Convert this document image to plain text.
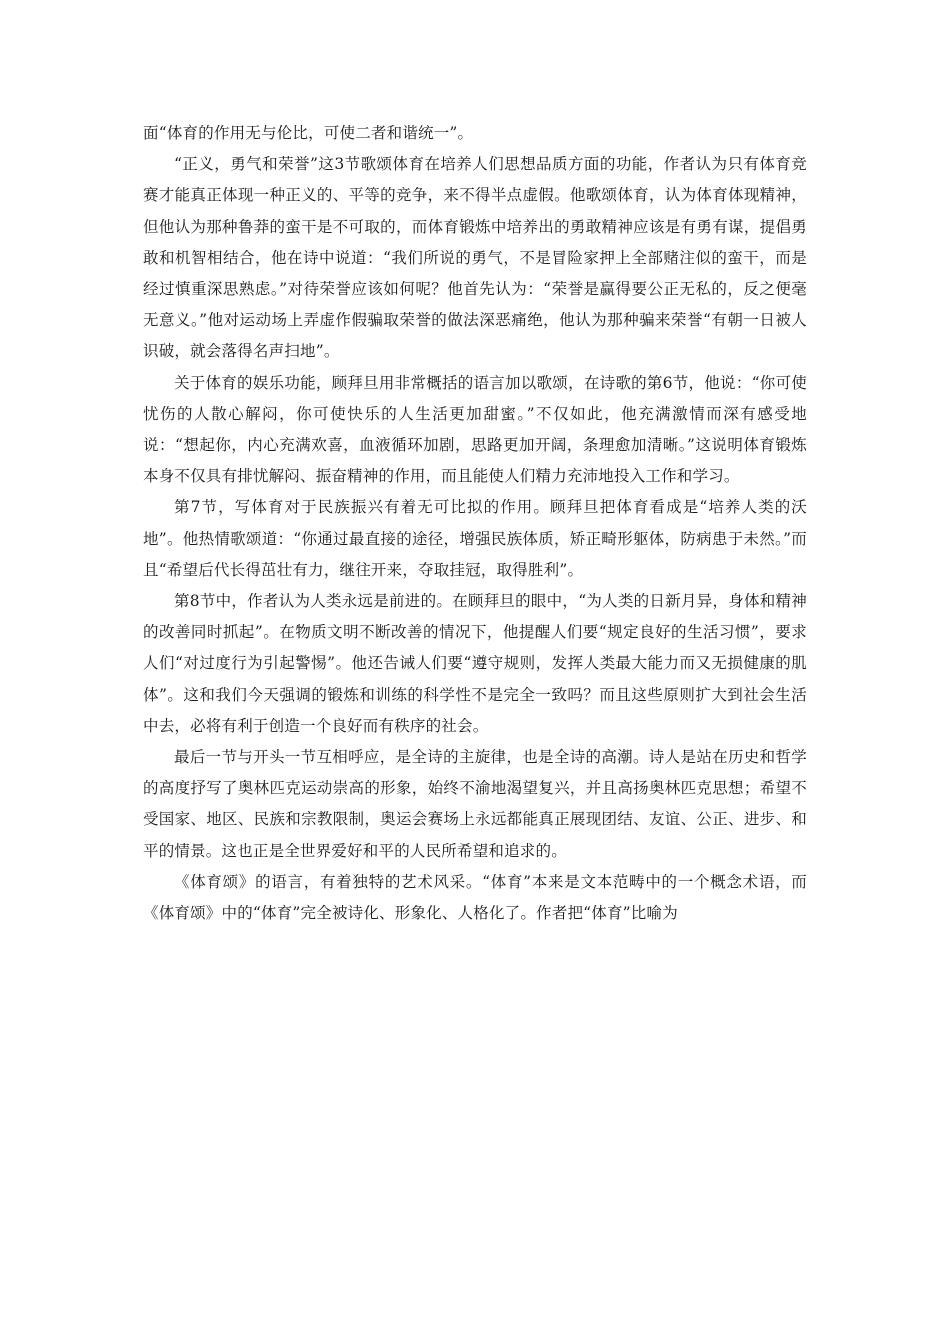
面“体育的作用无与伦比，可使二者和谐统一”。

“正义，勇气和荣誉”这3节歌颂体育在培养人们思想品质方面的功能，作者认为只有体育竞赛才能真正体现一种正义的、平等的竞争，来不得半点虚假。他歌颂体育，认为体育体现精神，但他认为那种鲁莽的蛮干是不可取的，而体育锻炼中培养出的勇敢精神应该是有勇有谋，提倡勇敢和机智相结合，他在诗中说道：“我们所说的勇气，不是冒险家押上全部赌注似的蛮干，而是经过慎重深思熟虑。”对待荣誉应该如何呢？他首先认为：“荣誉是赢得要公正无私的，反之便毫无意义。”他对运动场上弄虚作假骗取荣誉的做法深恶痛绝，他认为那种骗来荣誉“有朝一日被人识破，就会落得名声扫地”。

关于体育的娱乐功能，顾拜旦用非常概括的语言加以歌颂，在诗歌的第6节，他说：“你可使忧伤的人散心解闷，你可使快乐的人生活更加甜蜜。”不仅如此，他充满激情而深有感受地说：“想起你，内心充满欢喜，血液循环加剧，思路更加开阔，条理愈加清晰。”这说明体育锻炼本身不仅具有排忧解闷、振奋精神的作用，而且能使人们精力充沛地投入工作和学习。

第7节，写体育对于民族振兴有着无可比拟的作用。顾拜旦把体育看成是“培养人类的沃地”。他热情歌颂道：“你通过最直接的途径，增强民族体质，矫正畸形躯体，防病患于未然。”而且“希望后代长得茁壮有力，继往开来，夺取挂冠，取得胜利”。

第8节中，作者认为人类永远是前进的。在顾拜旦的眼中，“为人类的日新月异，身体和精神的改善同时抓起”。在物质文明不断改善的情况下，他提醒人们要“规定良好的生活习惯”，要求人们“对过度行为引起警惕”。他还告诫人们要“遵守规则，发挥人类最大能力而又无损健康的肌体”。这和我们今天强调的锻炼和训练的科学性不是完全一致吗？而且这些原则扩大到社会生活中去，必将有利于创造一个良好而有秩序的社会。

最后一节与开头一节互相呼应，是全诗的主旋律，也是全诗的高潮。诗人是站在历史和哲学的高度抒写了奥林匹克运动崇高的形象，始终不渝地渴望复兴，并且高扬奥林匹克思想；希望不受国家、地区、民族和宗教限制，奥运会赛场上永远都能真正展现团结、友谊、公正、进步、和平的情景。这也正是全世界爱好和平的人民所希望和追求的。

《体育颂》的语言，有着独特的艺术风采。“体育”本来是文本范畴中的一个概念术语，而《体育颂》中的“体育”完全被诗化、形象化、人格化了。作者把“体育”比喻为
